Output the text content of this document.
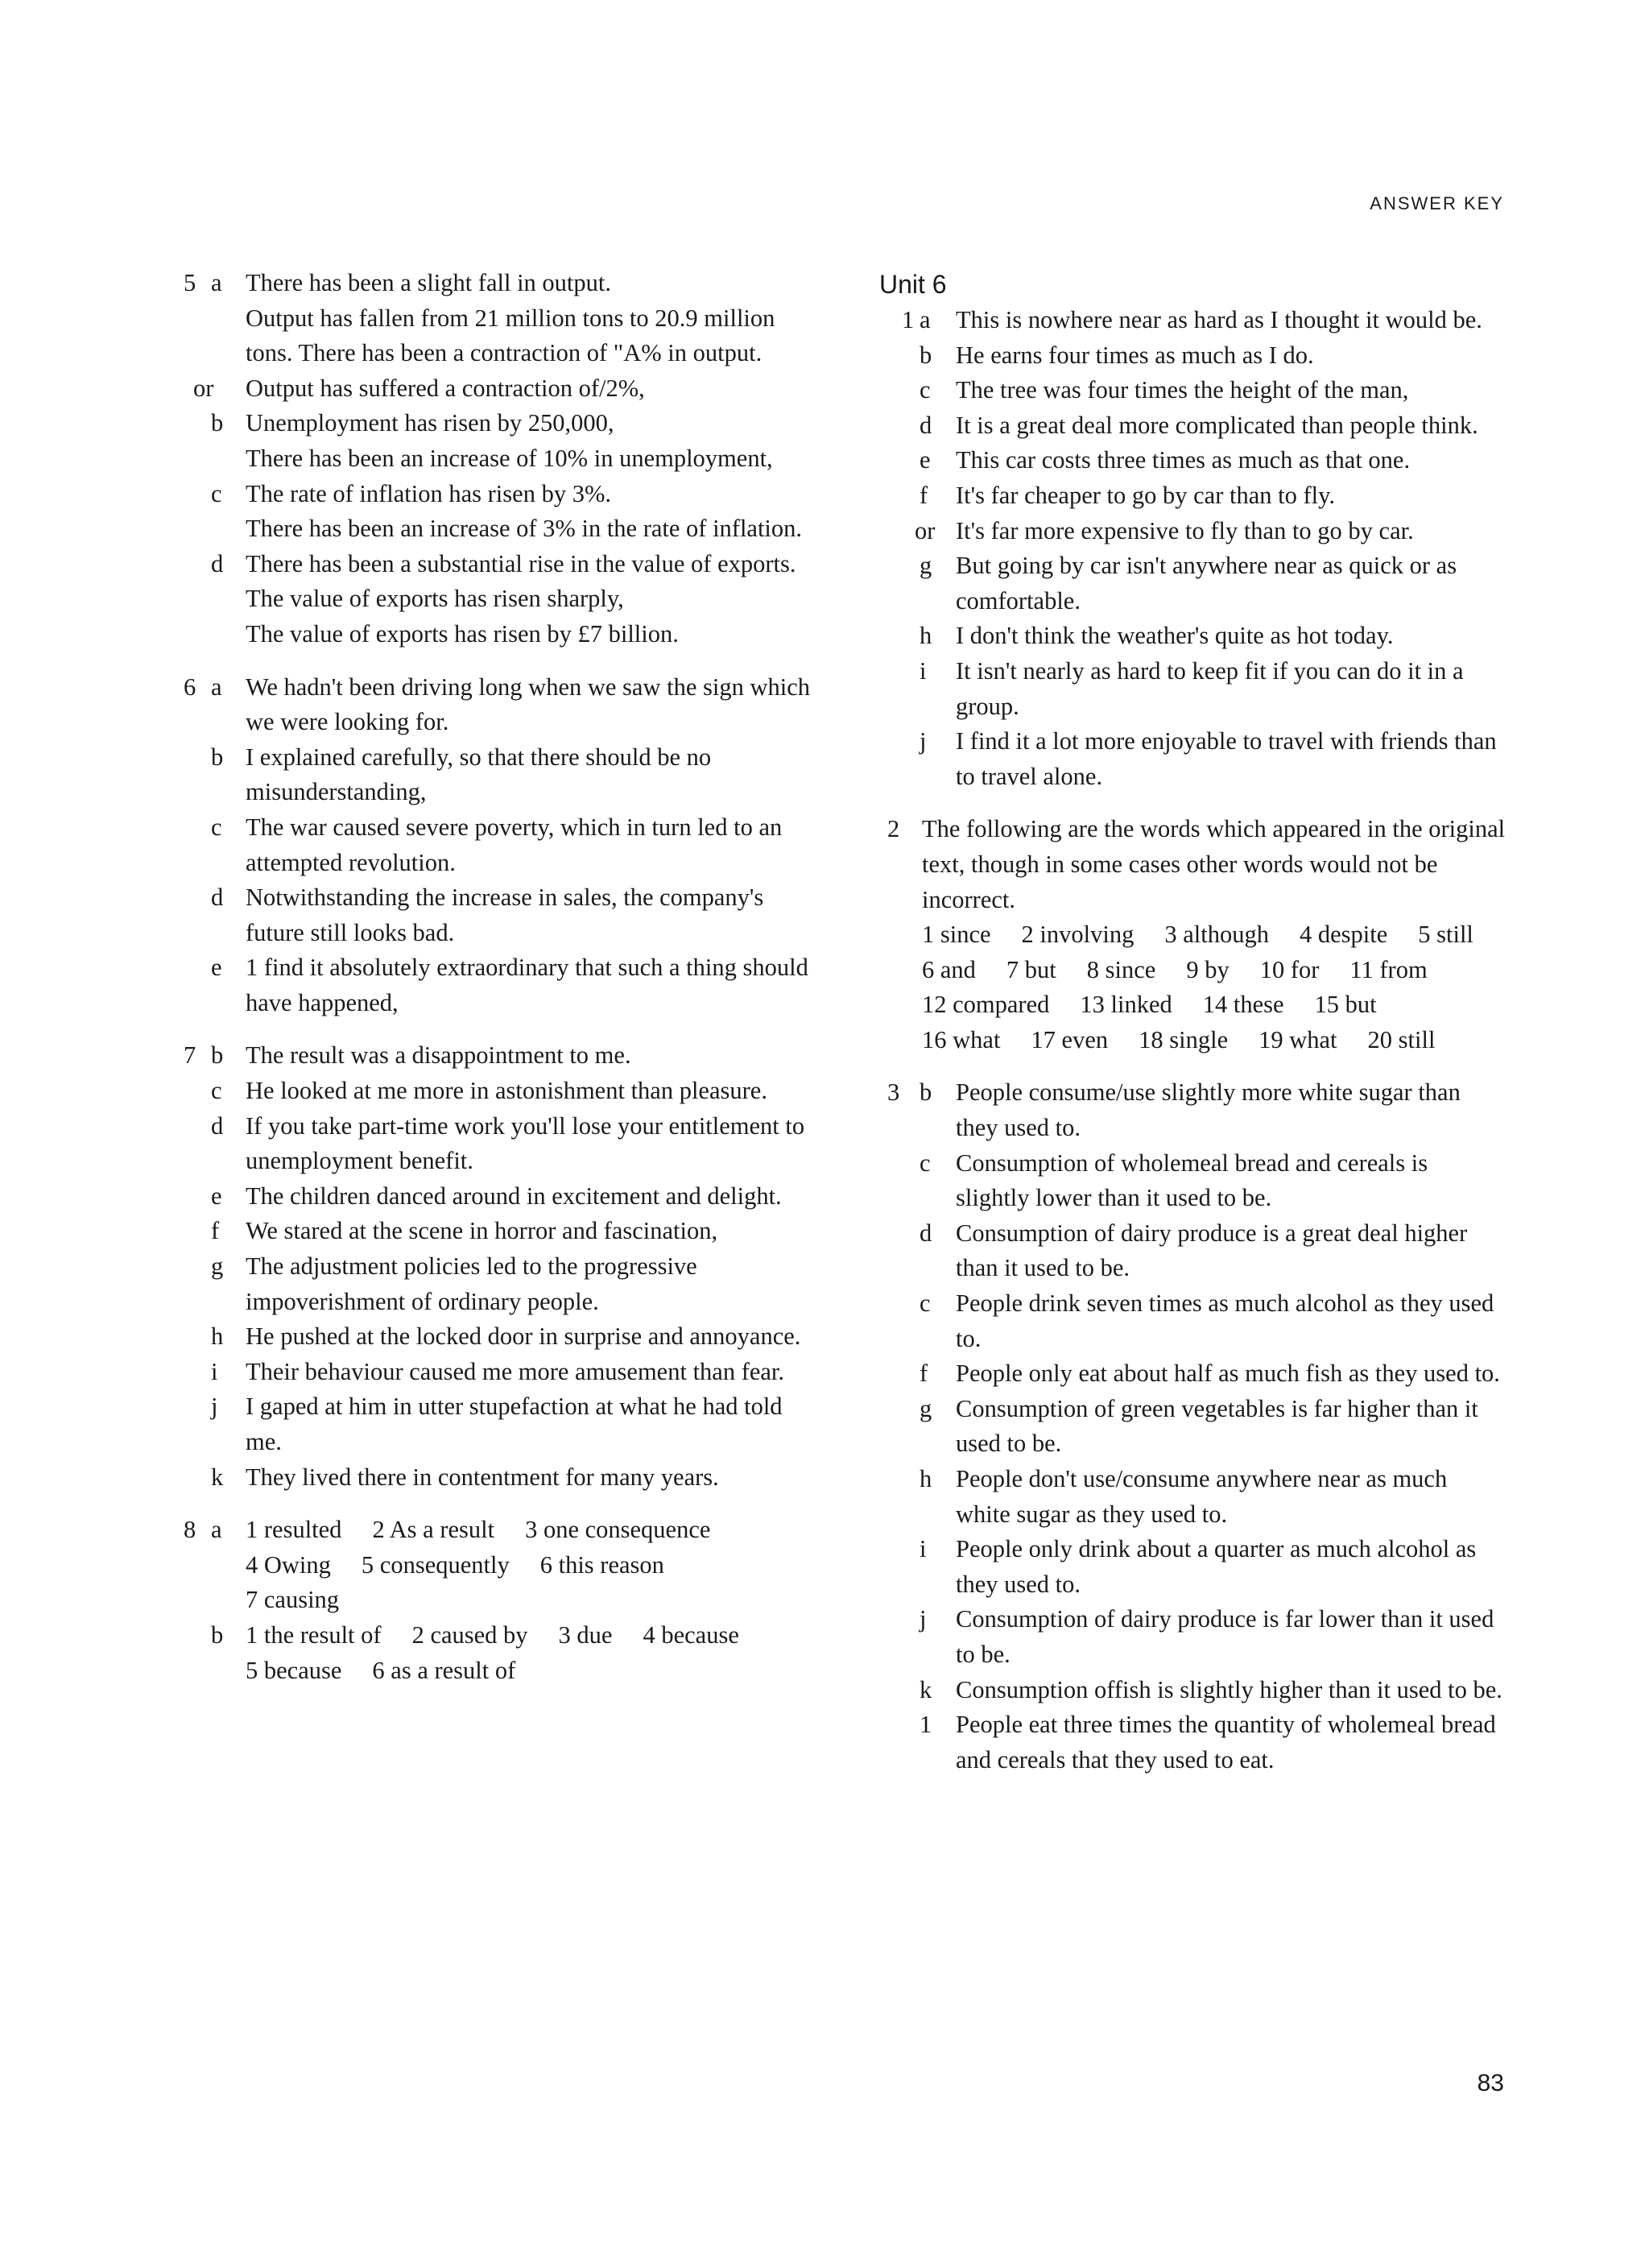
ANSWER KEY
5 a There has been a slight fall in output.
Output has fallen from 21 million tons to 20.9 million tons. There has been a contraction of "A% in output.
or	Output has suffered a contraction of/2%,
b Unemployment has risen by 250,000,
There has been an increase of 10% in unemployment,
c The rate of inflation has risen by 3%.
There has been an increase of 3% in the rate of inflation.
d There has been a substantial rise in the value of exports.
The value of exports has risen sharply,
The value of exports has risen by £7 billion.
6 a We hadn't been driving long when we saw the sign which we were looking for.
b I explained carefully, so that there should be no misunderstanding,
c The war caused severe poverty, which in turn led to an attempted revolution.
d Notwithstanding the increase in sales, the company's future still looks bad.
e 1 find it absolutely extraordinary that such a thing should have happened,
7 b The result was a disappointment to me.
c He looked at me more in astonishment than pleasure.
d If you take part-time work you'll lose your entitlement to unemployment benefit.
e The children danced around in excitement and delight.
f	We stared at the scene in horror and fascination,
g The adjustment policies led to the progressive impoverishment of ordinary people.
h He pushed at the locked door in surprise and annoyance.
i	Their behaviour caused me more amusement than fear.
j	I gaped at him in utter stupefaction at what he had told me.
k They lived there in contentment for many years.
8 a 1 resulted 2 As a result 3 one consequence
4 Owing 5 consequently 6 this reason
7 causing
b 1 the result of 2 caused by 3 due 4 because
5 because 6 as a result of
Unit 6
1 a	This is nowhere near as hard as I thought it would be.
b He earns four times as much as I do.
c	The tree was four times the height of the man,
d It is a great deal more complicated than people think.
e	This car costs three times as much as that one.
f	It's far cheaper to go by car than to fly.
or It's far more expensive to fly than to go by car.
g But going by car isn't anywhere near as quick or as comfortable.
h I don't think the weather's quite as hot today.
i	It isn't nearly as hard to keep fit if you can do it in a group.
j	I find it a lot more enjoyable to travel with friends than to travel alone.
2 The following are the words which appeared in the original text, though in some cases other words would not be incorrect.
1 since 2 involving 3 although 4 despite 5 still
6 and 7 but 8 since 9 by 10 for 11 from
12 compared 13 linked 14 these 15 but
16 what 17 even 18 single 19 what 20 still
3 b People consume/use slightly more white sugar than they used to.
c	Consumption of wholemeal bread and cereals is slightly lower than it used to be.
d Consumption of dairy produce is a great deal higher than it used to be.
c	People drink seven times as much alcohol as they used to.
f	People only eat about half as much fish as they used to.
g Consumption of green vegetables is far higher than it used to be.
h People don't use/consume anywhere near as much white sugar as they used to.
i	People only drink about a quarter as much alcohol as they used to.
j	Consumption of dairy produce is far lower than it used to be.
k Consumption offish is slightly higher than it used to be.
1 People eat three times the quantity of wholemeal bread and cereals that they used to eat.
83
